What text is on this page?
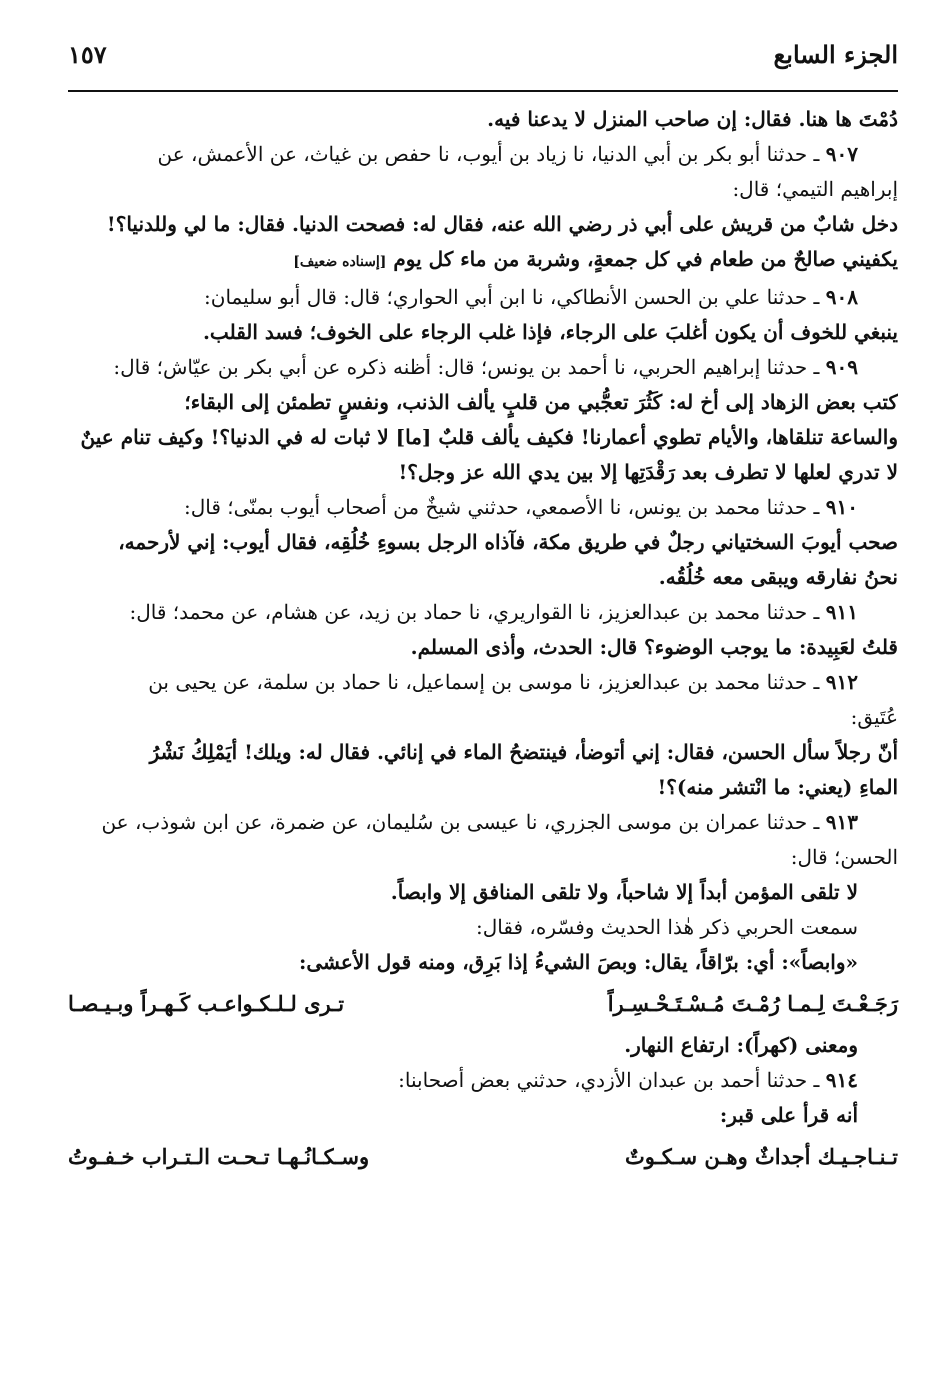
الجزء السابع
١٥٧
دُمْتَ ها هنا. فقال: إن صاحب المنزل لا يدعنا فيه.
٩٠٧ ـ حدثنا أبو بكر بن أبي الدنيا، نا زياد بن أيوب، نا حفص بن غياث، عن الأعمش، عن
إبراهيم التيمي؛ قال:
دخل شابٌ من قريش على أبي ذر رضي الله عنه، فقال له: فصحت الدنيا. فقال: ما لي وللدنيا؟!
يكفيني صالحٌ من طعام في كل جمعةٍ، وشربة من ماء كل يوم [إسناده ضعيف]
٩٠٨ ـ حدثنا علي بن الحسن الأنطاكي، نا ابن أبي الحواري؛ قال: قال أبو سليمان:
ينبغي للخوف أن يكون أغلبَ على الرجاء، فإذا غلب الرجاء على الخوف؛ فسد القلب.
٩٠٩ ـ حدثنا إبراهيم الحربي، نا أحمد بن يونس؛ قال: أظنه ذكره عن أبي بكر بن عيّاش؛ قال:
كتب بعض الزهاد إلى أخ له: كَثُرَ تعجُّبي من قلبٍ يألف الذنب، ونفسٍ تطمئن إلى البقاء؛
والساعة تنلقاها، والأيام تطوي أعمارنا! فكيف يألف قلبٌ [ما] لا ثبات له في الدنيا؟! وكيف تنام عينٌ
لا تدري لعلها لا تطرف بعد رَقْدَتِها إلا بين يدي الله عز وجل؟!
٩١٠ ـ حدثنا محمد بن يونس، نا الأصمعي، حدثني شيخٌ من أصحاب أيوب بمنّى؛ قال:
صحب أيوبَ السختياني رجلٌ في طريق مكة، فآذاه الرجل بسوءِ خُلُقِه، فقال أيوب: إني لأرحمه،
نحنُ نفارقه ويبقى معه خُلُقُه.
٩١١ ـ حدثنا محمد بن عبدالعزيز، نا القواريري، نا حماد بن زيد، عن هشام، عن محمد؛ قال:
قلتُ لعَبِيدة: ما يوجب الوضوء؟ قال: الحدث، وأذى المسلم.
٩١٢ ـ حدثنا محمد بن عبدالعزيز، نا موسى بن إسماعيل، نا حماد بن سلمة، عن يحيى بن
عُتَيق:
أنّ رجلاً سأل الحسن، فقال: إني أتوضأ، فينتضحُ الماء في إنائي. فقال له: ويلك! أيَمْلِكُ نَشْرُ
الماءِ (يعني: ما انْتشر منه)؟!
٩١٣ ـ حدثنا عمران بن موسى الجزري، نا عيسى بن سُليمان، عن ضمرة، عن ابن شوذب، عن
الحسن؛ قال:
لا تلقى المؤمن أبداً إلا شاحباً، ولا تلقى المنافق إلا وابصاً.
سمعت الحربي ذكر هٰذا الحديث وفسّره، فقال:
«وابصاً»: أي: برّاقاً، يقال: وبصَ الشيءُ إذا بَرِق، ومنه قول الأعشى:
رَجَـعْـتَ لِـمـا رُمْـتَ مُـسْـتَـحْـسِـراً
تـرى لـلـكـواعـب كَـهـراً وبـيـصـا
ومعنى (كهراً): ارتفاع النهار.
٩١٤ ـ حدثنا أحمد بن عبدان الأزدي، حدثني بعض أصحابنا:
أنه قرأ على قبر:
تـنـاجـيـك أجداثٌ وهـن سـكـوتٌ
وسـكـانُـهـا تـحـت الـتـراب خـفـوتُ
